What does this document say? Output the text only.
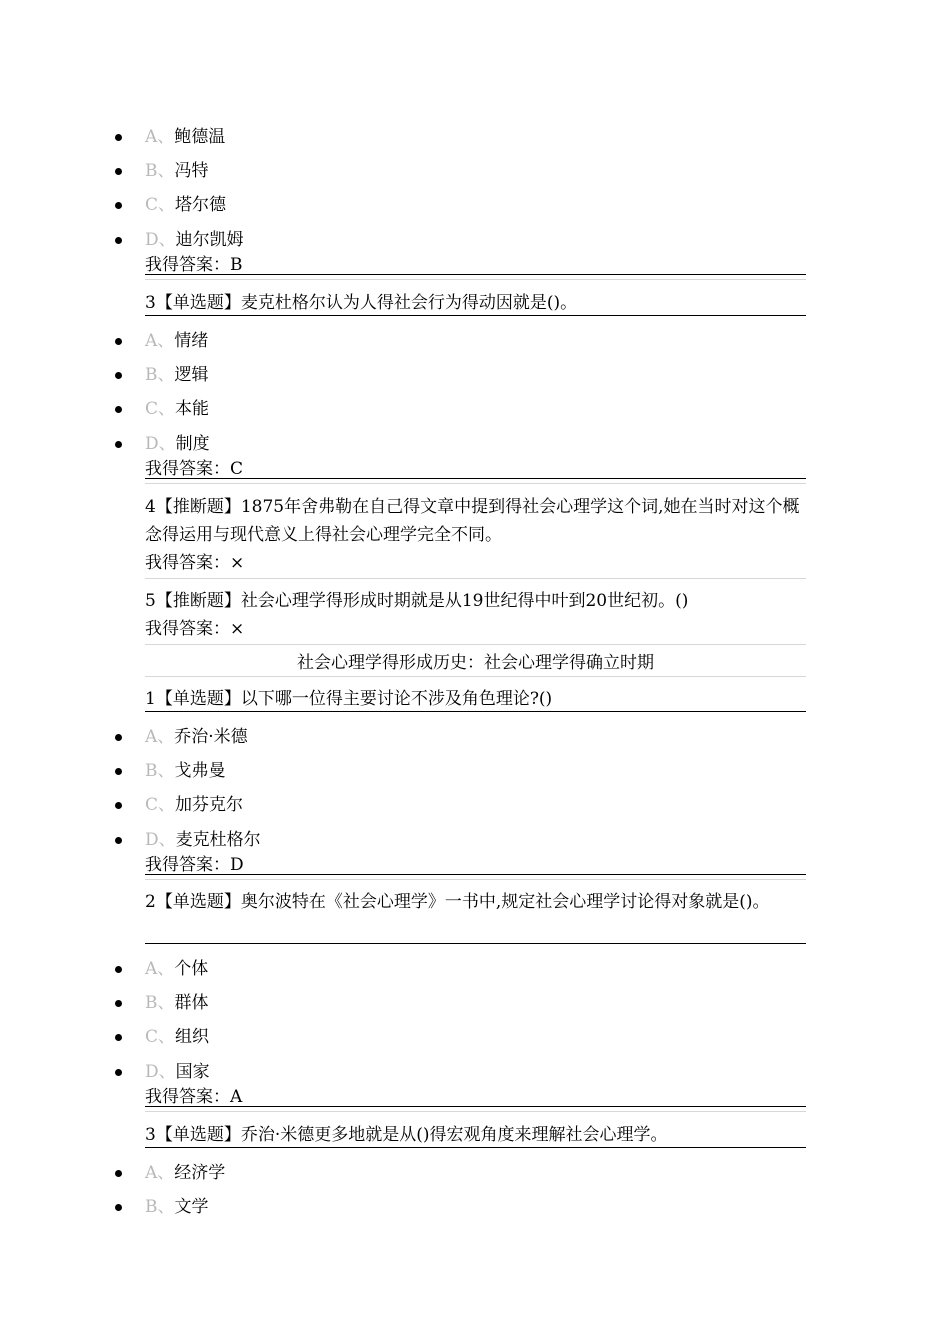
A、鲍德温
B、冯特
C、塔尔德
D、迪尔凯姆
我得答案：B
3【单选题】麦克杜格尔认为人得社会行为得动因就是()。
A、情绪
B、逻辑
C、本能
D、制度
我得答案：C
4【推断题】1875年舍弗勒在自己得文章中提到得社会心理学这个词,她在当时对这个概念得运用与现代意义上得社会心理学完全不同。
我得答案：×
5【推断题】社会心理学得形成时期就是从19世纪得中叶到20世纪初。()
我得答案：×
社会心理学得形成历史：社会心理学得确立时期
1【单选题】以下哪一位得主要讨论不涉及角色理论?()
A、乔治·米德
B、戈弗曼
C、加芬克尔
D、麦克杜格尔
我得答案：D
2【单选题】奥尔波特在《社会心理学》一书中,规定社会心理学讨论得对象就是()。
A、个体
B、群体
C、组织
D、国家
我得答案：A
3【单选题】乔治·米德更多地就是从()得宏观角度来理解社会心理学。
A、经济学
B、文学
